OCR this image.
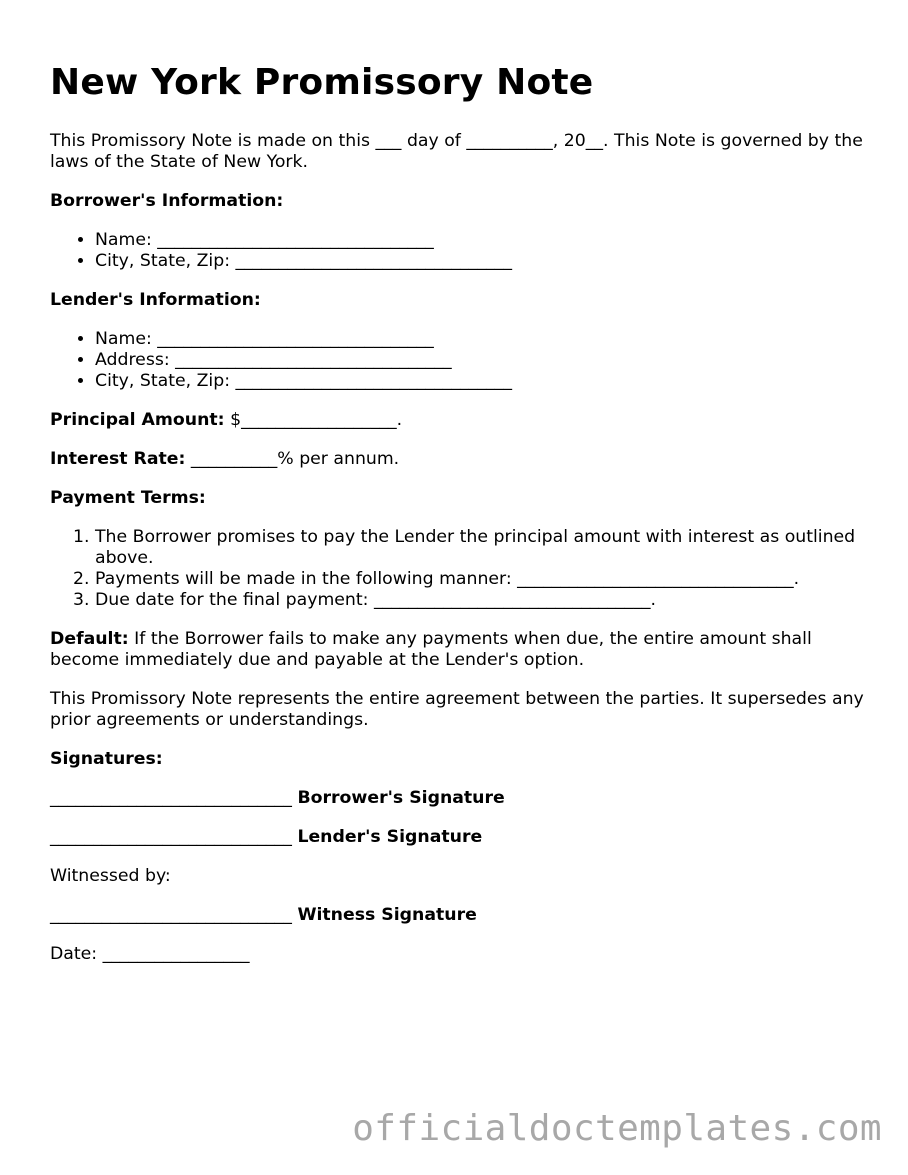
New York Promissory Note

This Promissory Note is made on this ___ day of __________, 20__. This Note is governed by the laws of the State of New York.

Borrower's Information:

• Name: ________________________________
• City, State, Zip: ________________________________

Lender's Information:

• Name: ________________________________
• Address: ________________________________
• City, State, Zip: ________________________________

Principal Amount: $__________________.

Interest Rate: __________% per annum.

Payment Terms:

1. The Borrower promises to pay the Lender the principal amount with interest as outlined above.
2. Payments will be made in the following manner: ________________________________.
3. Due date for the final payment: ________________________________.

Default: If the Borrower fails to make any payments when due, the entire amount shall become immediately due and payable at the Lender's option.

This Promissory Note represents the entire agreement between the parties. It supersedes any prior agreements or understandings.

Signatures:

____________________________ Borrower's Signature

____________________________ Lender's Signature

Witnessed by:

____________________________ Witness Signature

Date: _________________

officialdoctemplates.com
